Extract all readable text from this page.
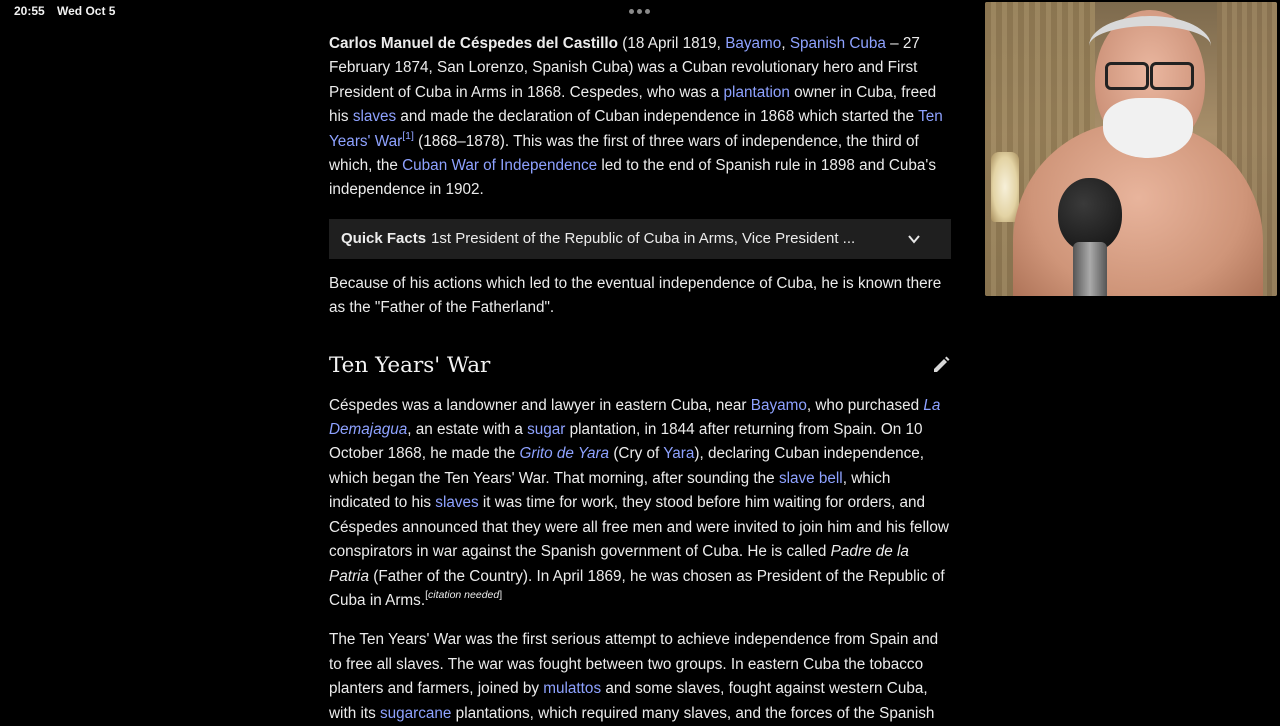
20:55 Wed Oct 5

Carlos Manuel de Céspedes del Castillo (18 April 1819, Bayamo, Spanish Cuba – 27 February 1874, San Lorenzo, Spanish Cuba) was a Cuban revolutionary hero and First President of Cuba in Arms in 1868. Cespedes, who was a plantation owner in Cuba, freed his slaves and made the declaration of Cuban independence in 1868 which started the Ten Years' War[1] (1868–1878). This was the first of three wars of independence, the third of which, the Cuban War of Independence led to the end of Spanish rule in 1898 and Cuba's independence in 1902.

Quick Facts 1st President of the Republic of Cuba in Arms, Vice President ...

Because of his actions which led to the eventual independence of Cuba, he is known there as the "Father of the Fatherland".

Ten Years' War

Céspedes was a landowner and lawyer in eastern Cuba, near Bayamo, who purchased La Demajagua, an estate with a sugar plantation, in 1844 after returning from Spain. On 10 October 1868, he made the Grito de Yara (Cry of Yara), declaring Cuban independence, which began the Ten Years' War. That morning, after sounding the slave bell, which indicated to his slaves it was time for work, they stood before him waiting for orders, and Céspedes announced that they were all free men and were invited to join him and his fellow conspirators in war against the Spanish government of Cuba. He is called Padre de la Patria (Father of the Country). In April 1869, he was chosen as President of the Republic of Cuba in Arms.[citation needed]

The Ten Years' War was the first serious attempt to achieve independence from Spain and to free all slaves. The war was fought between two groups. In eastern Cuba the tobacco planters and farmers, joined by mulattos and some slaves, fought against western Cuba, with its sugarcane plantations, which required many slaves, and the forces of the Spanish
